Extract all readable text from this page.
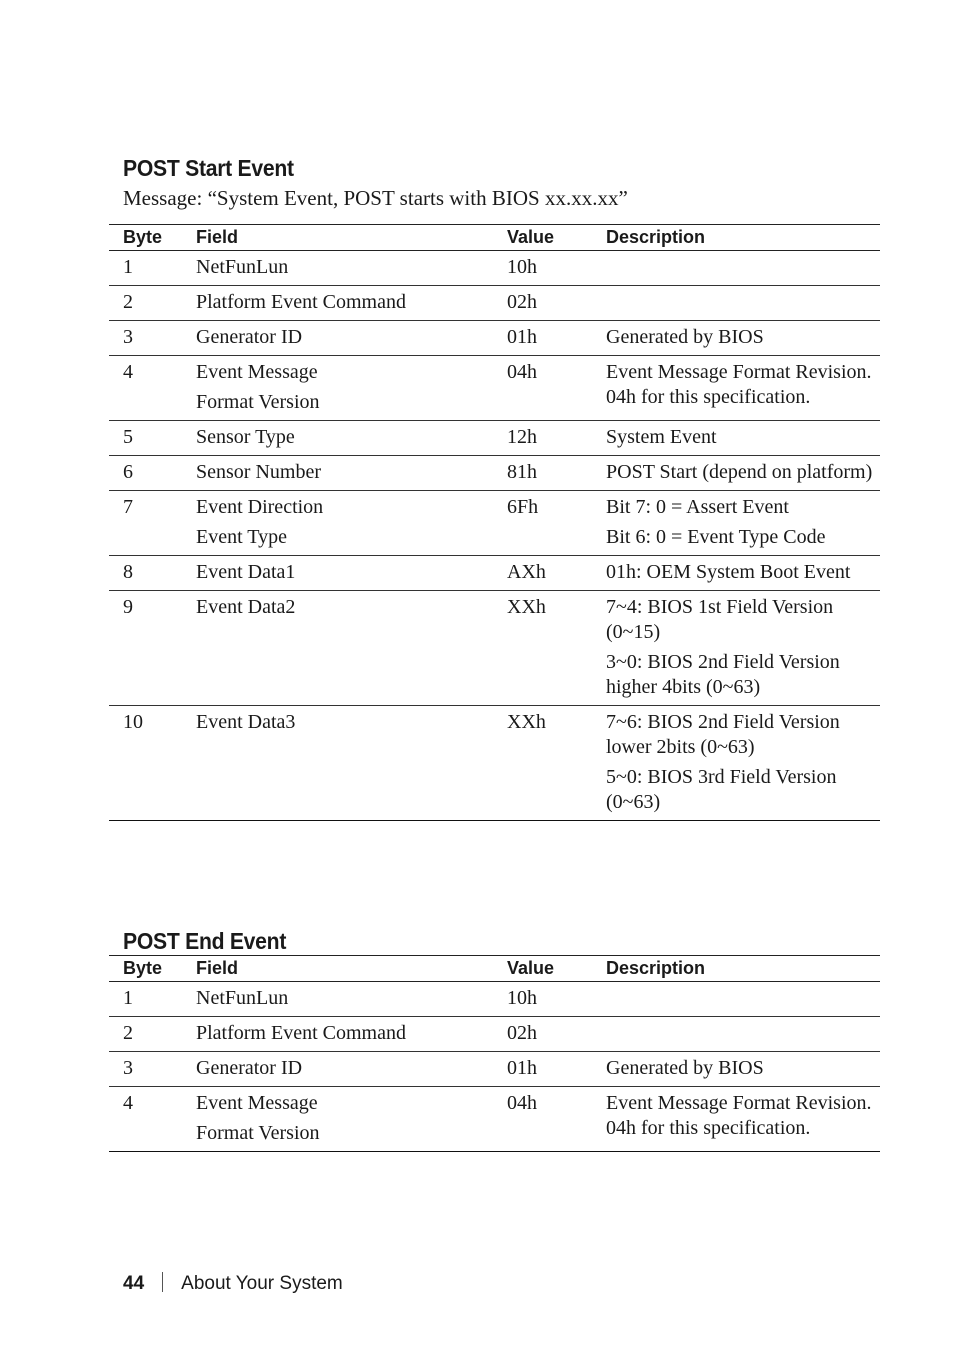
POST Start Event
Message: “System Event, POST starts with BIOS xx.xx.xx”
Byte	Field	Value	Description
1	NetFunLun	10h	
2	Platform Event Command	02h	
3	Generator ID	01h	Generated by BIOS

4	Event Message
Format Version	04h	Event Message Format Revision. 04h for this specification.

5	Sensor Type	12h	System Event

6	Sensor Number	81h	POST Start (depend on platform)

7	Event Direction
Event Type	6Fh	Bit 7: 0 = Assert Event
Bit 6: 0 = Event Type Code

8	Event Data1	AXh	01h: OEM System Boot Event

9	Event Data2	XXh	7~4: BIOS 1st Field Version (0~15)
3~0: BIOS 2nd Field Version higher 4bits (0~63)

10	Event Data3	XXh	7~6: BIOS 2nd Field Version lower 2bits (0~63)
5~0: BIOS 3rd Field Version (0~63)
POST End Event
Byte	Field	Value	Description
1	NetFunLun	10h	
2	Platform Event Command	02h	
3	Generator ID	01h	Generated by BIOS

4	Event Message
Format Version	04h	Event Message Format Revision. 04h for this specification.
44 About Your System
